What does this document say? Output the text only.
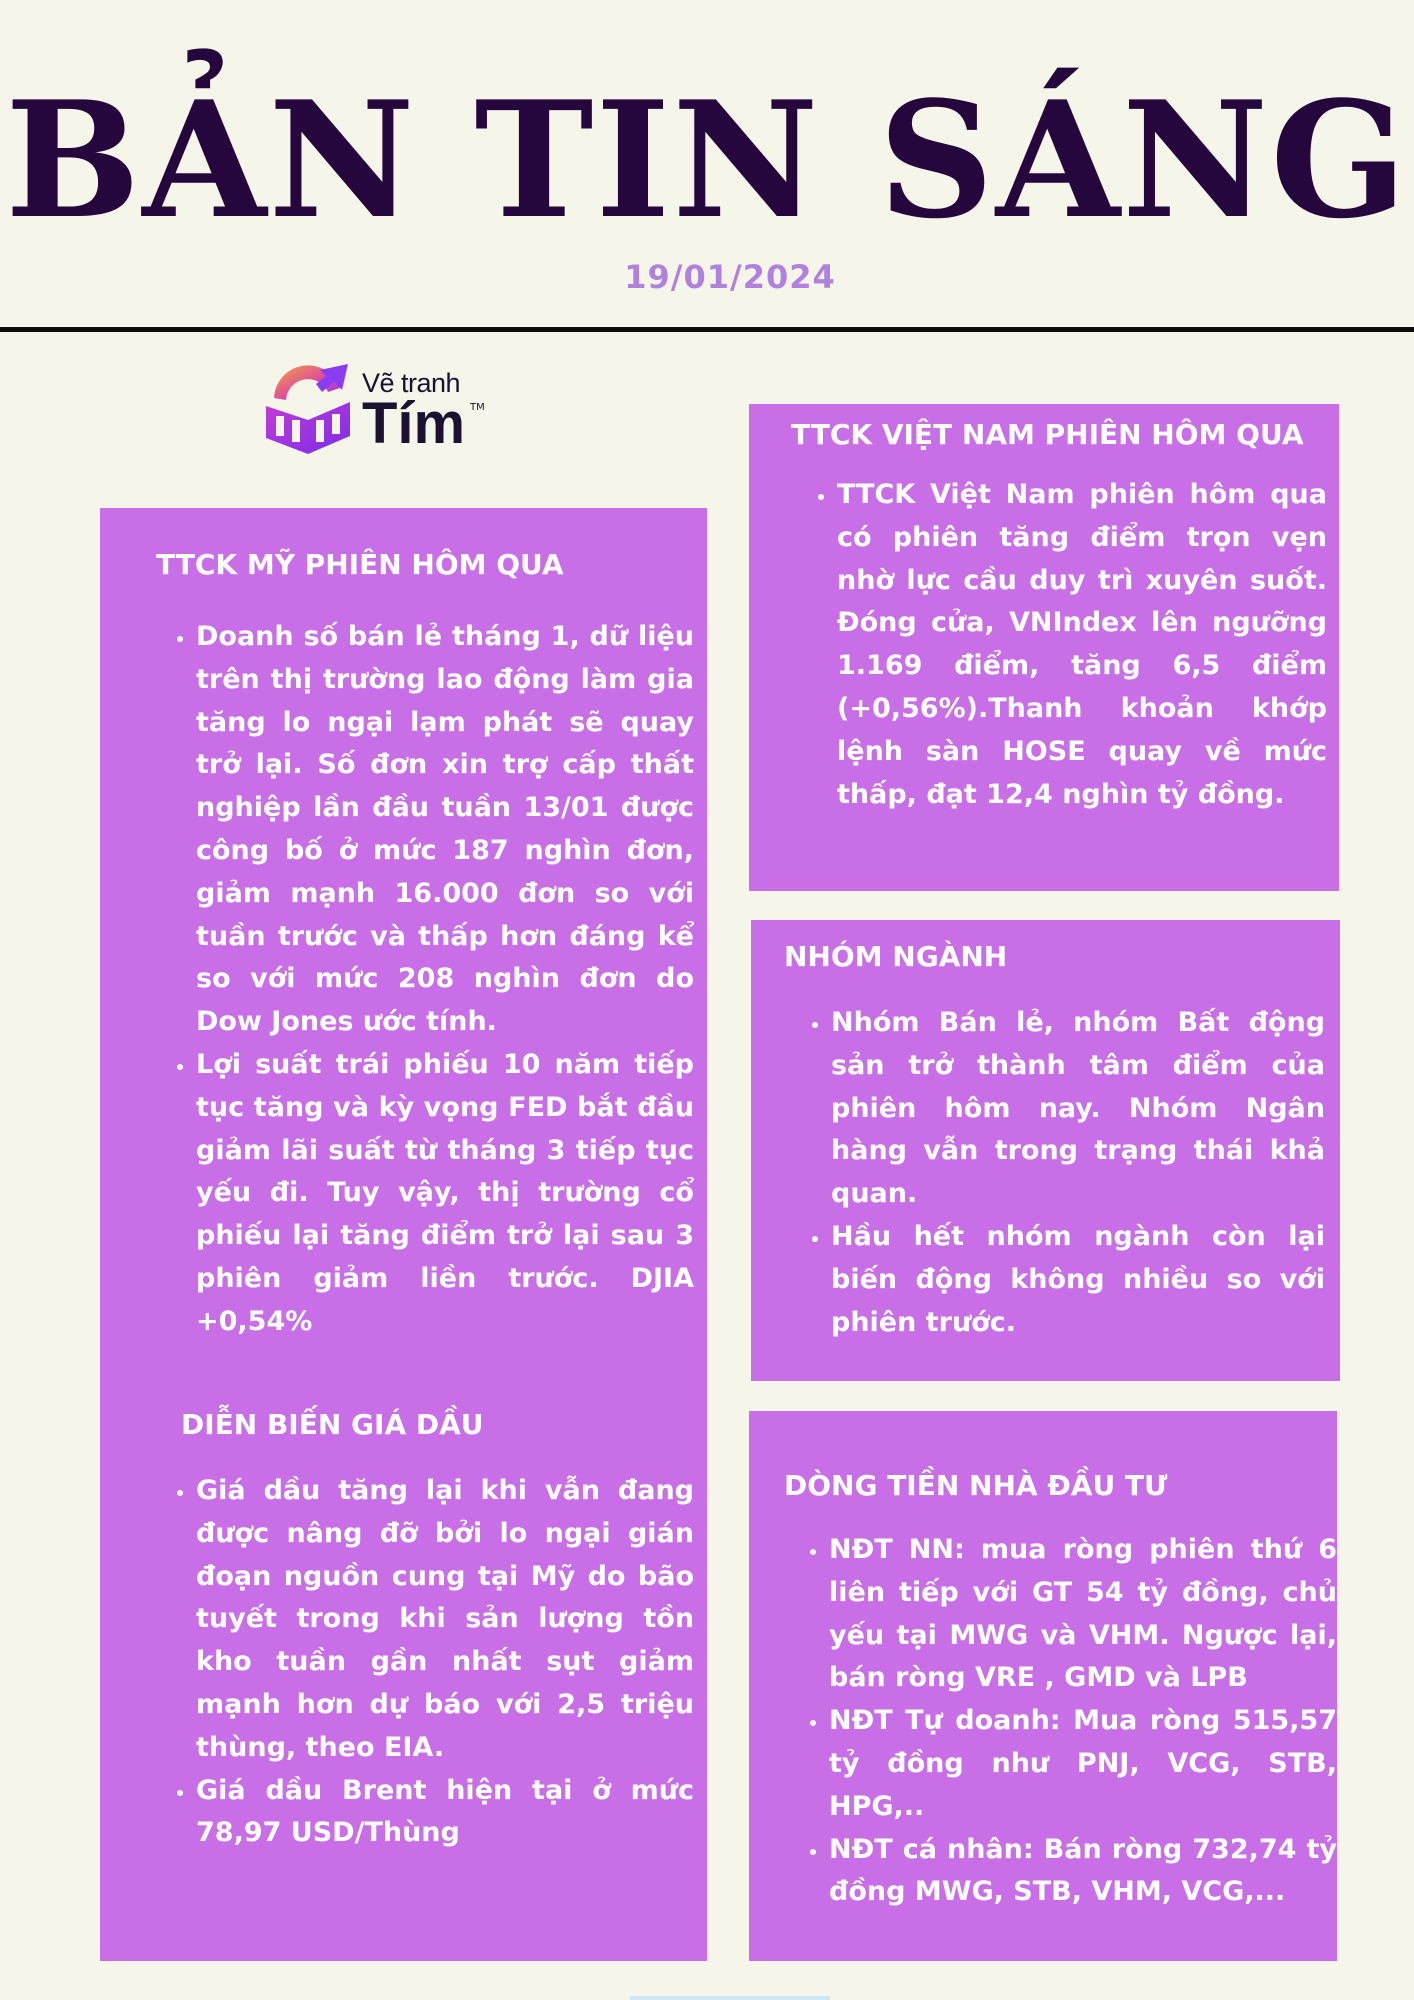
BẢN TIN SÁNG
19/01/2024
Vẽ tranh
Tím TM
TTCK MỸ PHIÊN HÔM QUA
• Doanh số bán lẻ tháng 1, dữ liệu trên thị trường lao động làm gia tăng lo ngại lạm phát sẽ quay trở lại. Số đơn xin trợ cấp thất nghiệp lần đầu tuần 13/01 được công bố ở mức 187 nghìn đơn, giảm mạnh 16.000 đơn so với tuần trước và thấp hơn đáng kể so với mức 208 nghìn đơn do Dow Jones ước tính.
• Lợi suất trái phiếu 10 năm tiếp tục tăng và kỳ vọng FED bắt đầu giảm lãi suất từ tháng 3 tiếp tục yếu đi. Tuy vậy, thị trường cổ phiếu lại tăng điểm trở lại sau 3 phiên giảm liền trước. DJIA +0,54%
DIỄN BIẾN GIÁ DẦU
• Giá dầu tăng lại khi vẫn đang được nâng đỡ bởi lo ngại gián đoạn nguồn cung tại Mỹ do bão tuyết trong khi sản lượng tồn kho tuần gần nhất sụt giảm mạnh hơn dự báo với 2,5 triệu thùng, theo EIA.
• Giá dầu Brent hiện tại ở mức 78,97 USD/Thùng
TTCK VIỆT NAM PHIÊN HÔM QUA
• TTCK Việt Nam phiên hôm qua có phiên tăng điểm trọn vẹn nhờ lực cầu duy trì xuyên suốt. Đóng cửa, VNIndex lên ngưỡng 1.169 điểm, tăng 6,5 điểm (+0,56%).Thanh khoản khớp lệnh sàn HOSE quay về mức thấp, đạt 12,4 nghìn tỷ đồng.
NHÓM NGÀNH
• Nhóm Bán lẻ, nhóm Bất động sản trở thành tâm điểm của phiên hôm nay. Nhóm Ngân hàng vẫn trong trạng thái khả quan.
• Hầu hết nhóm ngành còn lại biến động không nhiều so với phiên trước.
DÒNG TIỀN NHÀ ĐẦU TƯ
• NĐT NN: mua ròng phiên thứ 6 liên tiếp với GT 54 tỷ đồng, chủ yếu tại MWG và VHM. Ngược lại, bán ròng VRE , GMD và LPB
• NĐT Tự doanh: Mua ròng 515,57 tỷ đồng như PNJ, VCG, STB, HPG,..
• NĐT cá nhân: Bán ròng 732,74 tỷ đồng MWG, STB, VHM, VCG,...
